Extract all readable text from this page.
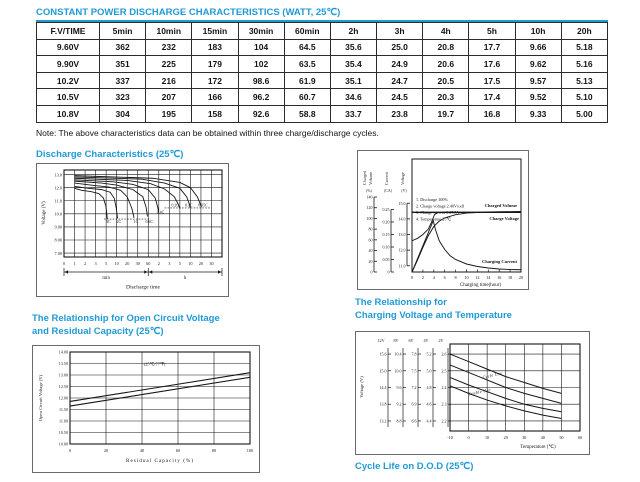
CONSTANT POWER DISCHARGE CHARACTERISTICS (WATT, 25℃)
F.V/TIME	5min	10min	15min	30min	60min	2h	3h	4h	5h	10h	20h
9.60V	362	232	183	104	64.5	35.6	25.0	20.8	17.7	9.66	5.18
9.90V	351	225	179	102	63.5	35.4	24.9	20.6	17.6	9.62	5.16
10.2V	337	216	172	98.6	61.9	35.1	24.7	20.5	17.5	9.57	5.13
10.5V	323	207	166	96.2	60.7	34.6	24.5	20.3	17.4	9.52	5.10
10.8V	304	195	158	92.6	58.8	33.7	23.8	19.7	16.8	9.33	5.00
Note: The above characteristics data can be obtained within three charge/discharge cycles.
Discharge Characteristics (25℃)
13.0
12.0
11.0
10.0
9.00
8.00
7.00
Voltage (V)
0 1 2 3 5 10 20 30 60 2 3 5 10 20 30
3C 2C	1C 0.6C
0.4C
0.2C 0.1C 0.05C
min	h
Discharge time
Charged Volume
(%)
140
120
100
80
60
40
20
0
Current
(CA)
0.25
0.20
0.15
0.10
0.05
0
Voltage
(V)
15.0
14.0
13.0
12.0
11.0
1. Discharge 100%
2. Charge voltage 2.40V/cell
3. Charge current 0.25CA
4. Temperature 25℃
0 2 4 6 8 10 12 14 16 18 20
Charging time(hour)
Charged Volume
Charge Voltage
Charging Current
The Relationship for Open Circuit Voltage
and Residual Capacity (25℃)
14.00
13.50
13.00
12.50
12.00
11.50
11.00
10.50
10.00
0	20	40	60	80	100
Open Circuit Voltage (V)
Residual Capacity (%)
(25℃/77℉)
The Relationship for
Charging Voltage and Temperature
Voltage (V)
12V
15.6
15.0
14.4
13.8
13.2
8V
10.4
10.0
9.6
9.2
8.8
6V
7.8
7.5
7.2
6.9
6.6
4V
5.2
5.0
4.8
4.6
4.4
2V
2.6
2.5
2.4
2.3
2.2
-10	0	10	20	30	40	50	60
Temperature (℃)
Cycle Use
Trickle Use
Cycle Life on D.O.D (25℃)
